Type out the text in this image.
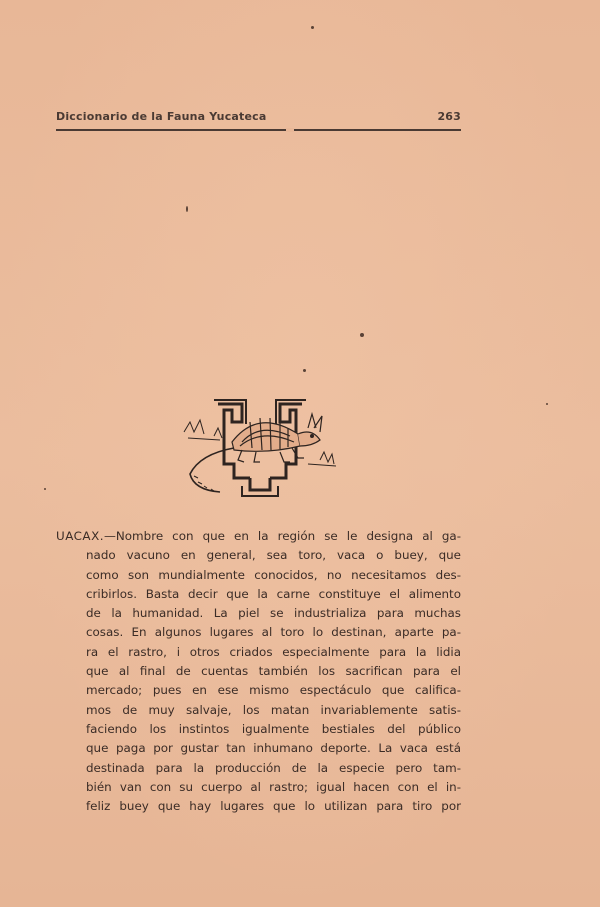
Diccionario de la Fauna Yucateca	263
UACAX.—Nombre con que en la región se le designa al ga-
nado vacuno en general, sea toro, vaca o buey, que
como son mundialmente conocidos, no necesitamos des-
cribirlos. Basta decir que la carne constituye el alimento
de la humanidad. La piel se industrializa para muchas
cosas. En algunos lugares al toro lo destinan, aparte pa-
ra el rastro, i otros criados especialmente para la lidia
que al final de cuentas también los sacrifican para el
mercado; pues en ese mismo espectáculo que califica-
mos de muy salvaje, los matan invariablemente satis-
faciendo los instintos igualmente bestiales del público
que paga por gustar tan inhumano deporte. La vaca está
destinada para la producción de la especie pero tam-
bién van con su cuerpo al rastro; igual hacen con el in-
feliz buey que hay lugares que lo utilizan para tiro por
